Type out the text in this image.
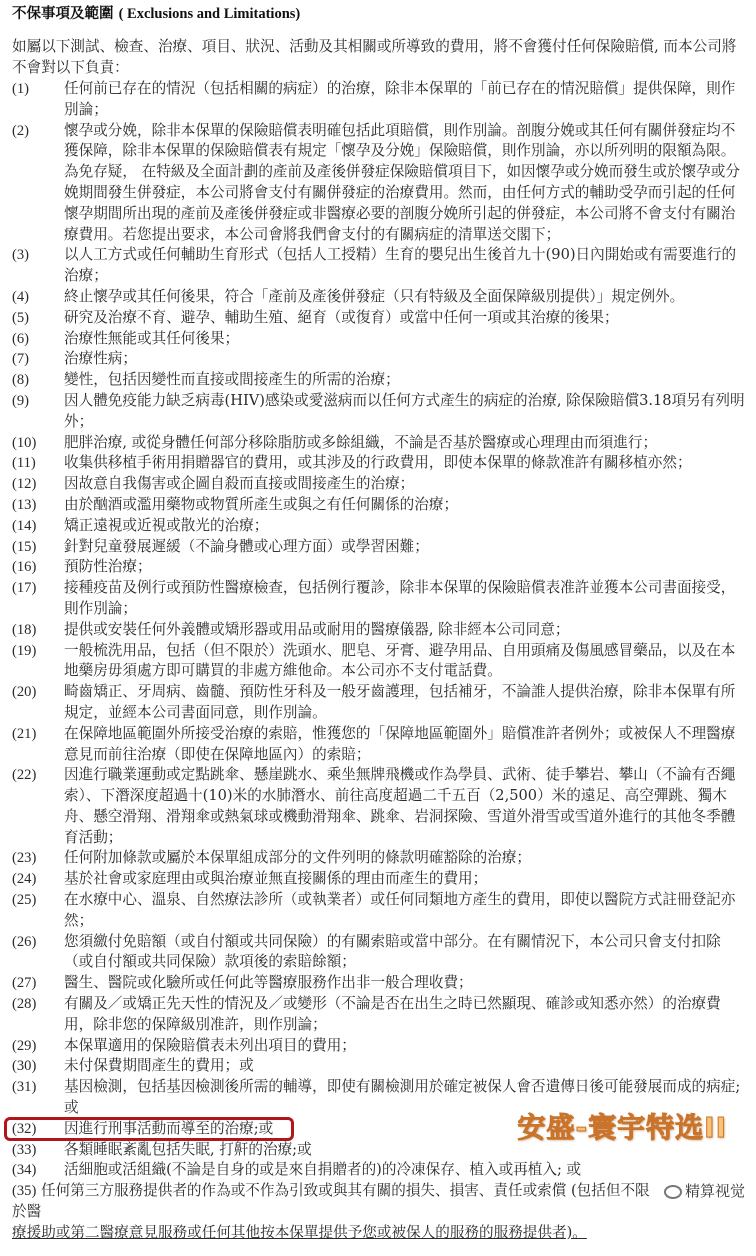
不保事項及範圍 ( Exclusions and Limitations)
如屬以下測試、檢查、治療、項目、狀況、活動及其相關或所導致的費用，將不會獲付任何保險賠償, 而本公司將不會對以下負責：
(1)	任何前已存在的情況（包括相關的病症）的治療，除非本保單的「前已存在的情況賠償」提供保障，則作別論；
(2)	懷孕或分娩，除非本保單的保險賠償表明確包括此項賠償，則作別論。剖腹分娩或其任何有關併發症均不獲保障，除非本保單的保險賠償表有規定「懷孕及分娩」保險賠償，則作別論，亦以所列明的限額為限。為免存疑， 在特級及全面計劃的產前及產後併發症保險賠償項目下，如因懷孕或分娩而發生或於懷孕或分娩期間發生併發症，本公司將會支付有關併發症的治療費用。然而，由任何方式的輔助受孕而引起的任何懷孕期間所出現的產前及產後併發症或非醫療必要的剖腹分娩所引起的併發症，本公司將不會支付有關治療費用。若您提出要求，本公司會將我們會支付的有關病症的清單送交閣下；
(3)	以人工方式或任何輔助生育形式（包括人工授精）生育的嬰兒出生後首九十(90)日內開始或有需要進行的治療；
(4)	終止懷孕或其任何後果，符合「產前及產後併發症（只有特級及全面保障級別提供）」規定例外。
(5)	研究及治療不育、避孕、輔助生殖、絕育（或復育）或當中任何一項或其治療的後果；
(6)	治療性無能或其任何後果；
(7)	治療性病；
(8)	變性，包括因變性而直接或間接產生的所需的治療；
(9)	因人體免疫能力缺乏病毒(HIV)感染或愛滋病而以任何方式產生的病症的治療, 除保險賠償3.18項另有列明外；
(10)	肥胖治療, 或從身體任何部分移除脂肪或多餘組織，不論是否基於醫療或心理理由而須進行；
(11)	收集供移植手術用捐贈器官的費用，或其涉及的行政費用，即使本保單的條款准許有關移植亦然；
(12)	因故意自我傷害或企圖自殺而直接或間接產生的治療；
(13)	由於酗酒或濫用藥物或物質所產生或與之有任何關係的治療；
(14)	矯正遠視或近視或散光的治療；
(15)	針對兒童發展遲緩（不論身體或心理方面）或學習困難；
(16)	預防性治療；
(17)	接種疫苗及例行或預防性醫療檢查，包括例行覆診，除非本保單的保險賠償表准許並獲本公司書面接受，則作別論；
(18)	提供或安裝任何外義體或矯形器或用品或耐用的醫療儀器, 除非經本公司同意；
(19)	一般梳洗用品，包括（但不限於）洗頭水、肥皂、牙膏、避孕用品、自用頭痛及傷風感冒藥品，以及在本地藥房毋須處方即可購買的非處方維他命。本公司亦不支付電話費。
(20)	畸齒矯正、牙周病、齒髓、預防性牙科及一般牙齒護理，包括補牙，不論誰人提供治療，除非本保單有所規定，並經本公司書面同意，則作別論。
(21)	在保障地區範圍外所接受治療的索賠，惟獲您的「保障地區範圍外」賠償准許者例外；或被保人不理醫療意見而前往治療（即使在保障地區內）的索賠；
(22)	因進行職業運動或定點跳傘、懸崖跳水、乘坐無牌飛機或作為學員、武術、徒手攀岩、攀山（不論有否繩索）、下潛深度超過十(10)米的水肺潛水、前往高度超過二千五百（2,500）米的遠足、高空彈跳、獨木舟、懸空滑翔、滑翔傘或熱氣球或機動滑翔傘、跳傘、岩洞探險、雪道外滑雪或雪道外進行的其他冬季體育活動；
(23)	任何附加條款或屬於本保單組成部分的文件列明的條款明確豁除的治療；
(24)	基於社會或家庭理由或與治療並無直接關係的理由而產生的費用；
(25)	在水療中心、溫泉、自然療法診所（或執業者）或任何同類地方產生的費用，即使以醫院方式註冊登記亦然；
(26)	您須繳付免賠額（或自付額或共同保險）的有關索賠或當中部分。在有關情況下，本公司只會支付扣除（或自付額或共同保險）款項後的索賠餘額；
(27)	醫生、醫院或化驗所或任何此等醫療服務作出非一般合理收費；
(28)	有關及／或矯正先天性的情況及／或變形（不論是否在出生之時已然顯現、確診或知悉亦然）的治療費用，除非您的保障級別准許，則作別論；
(29)	本保單適用的保險賠償表未列出項目的費用；
(30)	未付保費期間產生的費用；或
(31)	基因檢測，包括基因檢測後所需的輔導，即使有關檢測用於確定被保人會否遺傳日後可能發展而成的病症; 或
(32)	因進行刑事活動而導至的治療;或	安盛-寰宇特选II
(33)	各類睡眠紊亂包括失眠, 打鼾的治療;或
(34)	活細胞或活組織(不論是自身的或是來自捐贈者的)的冷凍保存、植入或再植入; 或
精算视觉
(35) 任何第三方服務提供者的作為或不作為引致或與其有關的損失、損害、責任或索償 (包括但不限於醫
療援助或第二醫療意見服務或任何其他按本保單提供予您或被保人的服務的服務提供者)。
